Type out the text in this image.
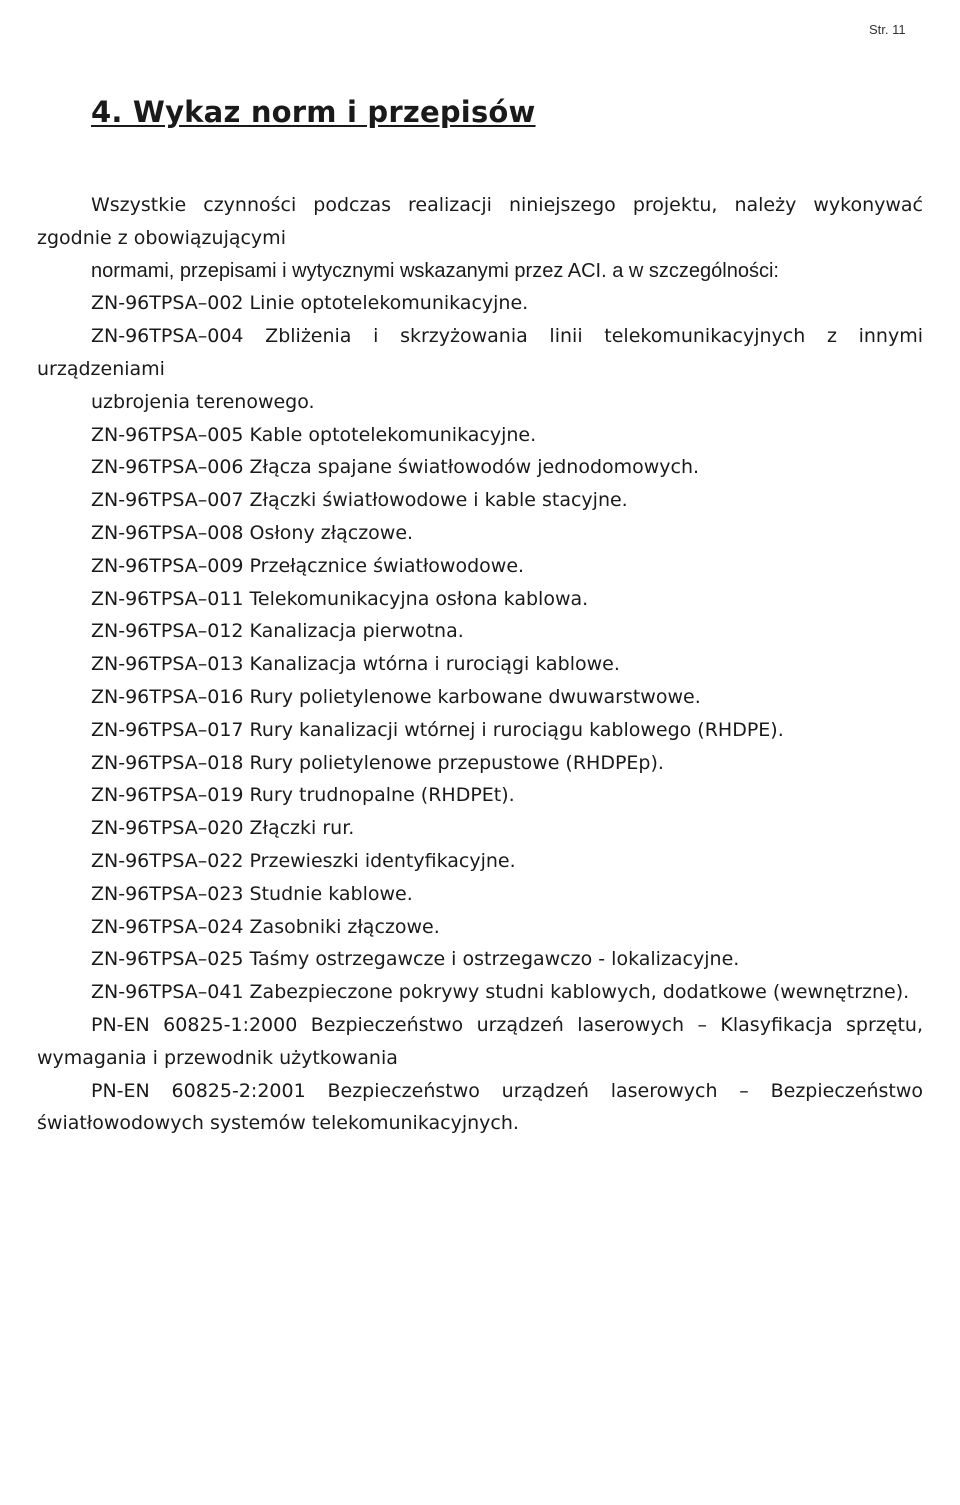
Str. 11
4. Wykaz norm i przepisów

Wszystkie czynności podczas realizacji niniejszego projektu, należy wykonywać zgodnie z obowiązującymi

normami, przepisami i wytycznymi wskazanymi przez ACI. a w szczególności:

ZN-96TPSA–002 Linie optotelekomunikacyjne.

ZN-96TPSA–004 Zbliżenia i skrzyżowania linii telekomunikacyjnych z innymi urządzeniami

uzbrojenia terenowego.

ZN-96TPSA–005 Kable optotelekomunikacyjne.

ZN-96TPSA–006 Złącza spajane światłowodów jednodomowych.

ZN-96TPSA–007 Złączki światłowodowe i kable stacyjne.

ZN-96TPSA–008 Osłony złączowe.

ZN-96TPSA–009 Przełącznice światłowodowe.

ZN-96TPSA–011 Telekomunikacyjna osłona kablowa.

ZN-96TPSA–012 Kanalizacja pierwotna.

ZN-96TPSA–013 Kanalizacja wtórna i rurociągi kablowe.

ZN-96TPSA–016 Rury polietylenowe karbowane dwuwarstwowe.

ZN-96TPSA–017 Rury kanalizacji wtórnej i rurociągu kablowego (RHDPE).

ZN-96TPSA–018 Rury polietylenowe przepustowe (RHDPEp).

ZN-96TPSA–019 Rury trudnopalne (RHDPEt).

ZN-96TPSA–020 Złączki rur.

ZN-96TPSA–022 Przewieszki identyfikacyjne.

ZN-96TPSA–023 Studnie kablowe.

ZN-96TPSA–024 Zasobniki złączowe.

ZN-96TPSA–025 Taśmy ostrzegawcze i ostrzegawczo - lokalizacyjne.

ZN-96TPSA–041 Zabezpieczone pokrywy studni kablowych, dodatkowe (wewnętrzne).

PN-EN 60825-1:2000 Bezpieczeństwo urządzeń laserowych – Klasyfikacja sprzętu, wymagania i przewodnik użytkowania

PN-EN 60825-2:2001 Bezpieczeństwo urządzeń laserowych – Bezpieczeństwo światłowodowych systemów telekomunikacyjnych.
